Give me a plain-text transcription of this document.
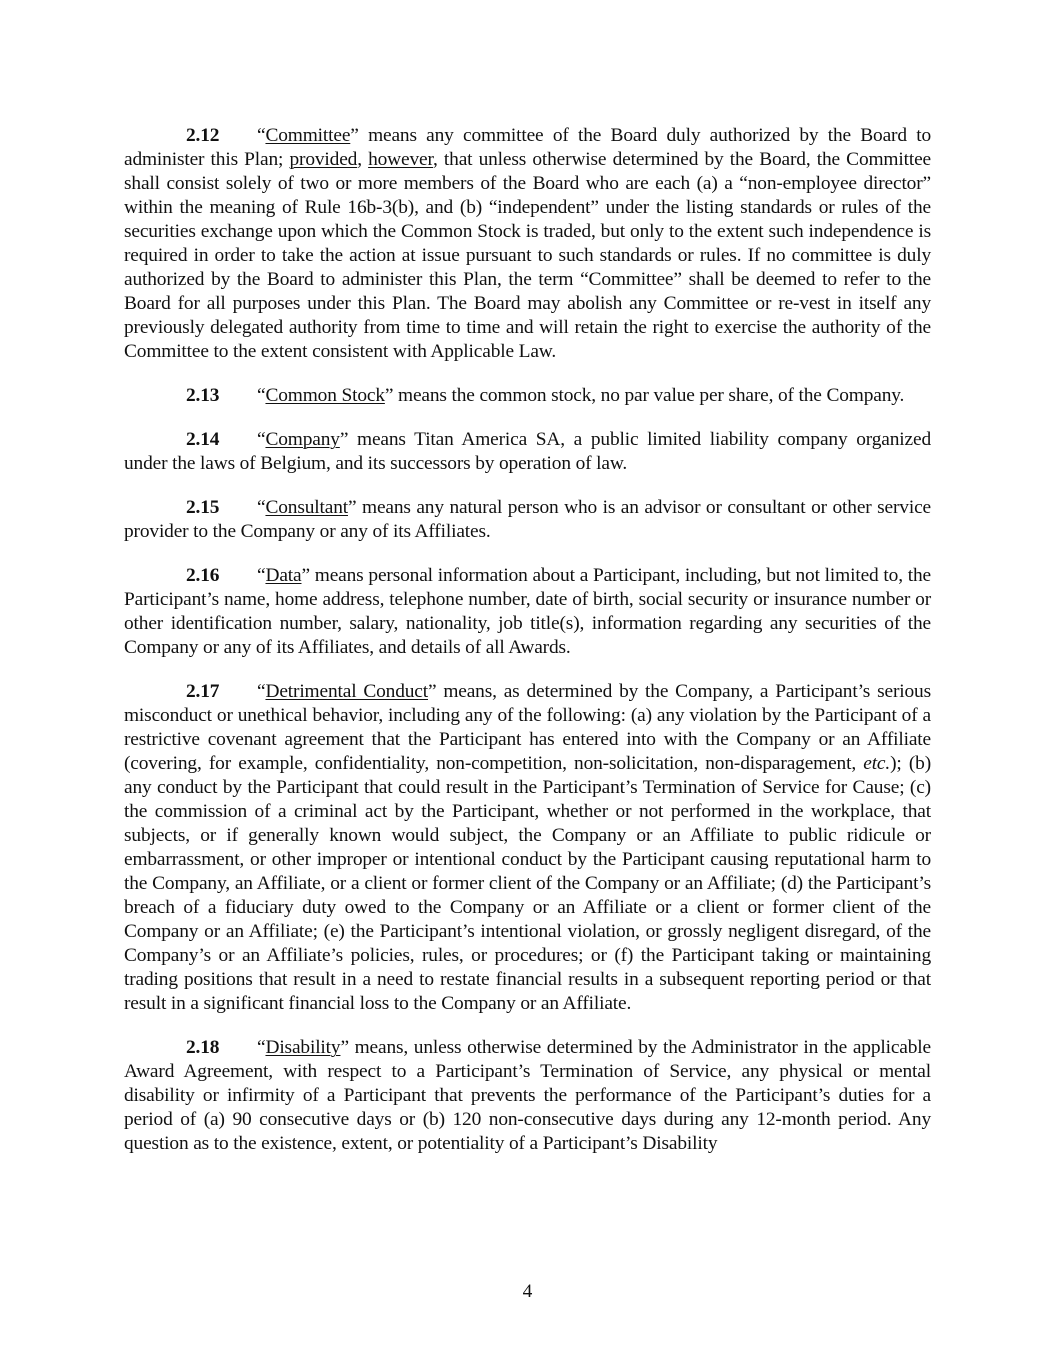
2.12 “Committee” means any committee of the Board duly authorized by the Board to administer this Plan; provided, however, that unless otherwise determined by the Board, the Committee shall consist solely of two or more members of the Board who are each (a) a “non-employee director” within the meaning of Rule 16b-3(b), and (b) “independent” under the listing standards or rules of the securities exchange upon which the Common Stock is traded, but only to the extent such independence is required in order to take the action at issue pursuant to such standards or rules. If no committee is duly authorized by the Board to administer this Plan, the term “Committee” shall be deemed to refer to the Board for all purposes under this Plan. The Board may abolish any Committee or re-vest in itself any previously delegated authority from time to time and will retain the right to exercise the authority of the Committee to the extent consistent with Applicable Law.

2.13 “Common Stock” means the common stock, no par value per share, of the Company.

2.14 “Company” means Titan America SA, a public limited liability company organized under the laws of Belgium, and its successors by operation of law.

2.15 “Consultant” means any natural person who is an advisor or consultant or other service provider to the Company or any of its Affiliates.

2.16 “Data” means personal information about a Participant, including, but not limited to, the Participant’s name, home address, telephone number, date of birth, social security or insurance number or other identification number, salary, nationality, job title(s), information regarding any securities of the Company or any of its Affiliates, and details of all Awards.

2.17 “Detrimental Conduct” means, as determined by the Company, a Participant’s serious misconduct or unethical behavior, including any of the following: (a) any violation by the Participant of a restrictive covenant agreement that the Participant has entered into with the Company or an Affiliate (covering, for example, confidentiality, non-competition, non-solicitation, non-disparagement, etc.); (b) any conduct by the Participant that could result in the Participant’s Termination of Service for Cause; (c) the commission of a criminal act by the Participant, whether or not performed in the workplace, that subjects, or if generally known would subject, the Company or an Affiliate to public ridicule or embarrassment, or other improper or intentional conduct by the Participant causing reputational harm to the Company, an Affiliate, or a client or former client of the Company or an Affiliate; (d) the Participant’s breach of a fiduciary duty owed to the Company or an Affiliate or a client or former client of the Company or an Affiliate; (e) the Participant’s intentional violation, or grossly negligent disregard, of the Company’s or an Affiliate’s policies, rules, or procedures; or (f) the Participant taking or maintaining trading positions that result in a need to restate financial results in a subsequent reporting period or that result in a significant financial loss to the Company or an Affiliate.

2.18 “Disability” means, unless otherwise determined by the Administrator in the applicable Award Agreement, with respect to a Participant’s Termination of Service, any physical or mental disability or infirmity of a Participant that prevents the performance of the Participant’s duties for a period of (a) 90 consecutive days or (b) 120 non-consecutive days during any 12-month period. Any question as to the existence, extent, or potentiality of a Participant’s Disability

4
